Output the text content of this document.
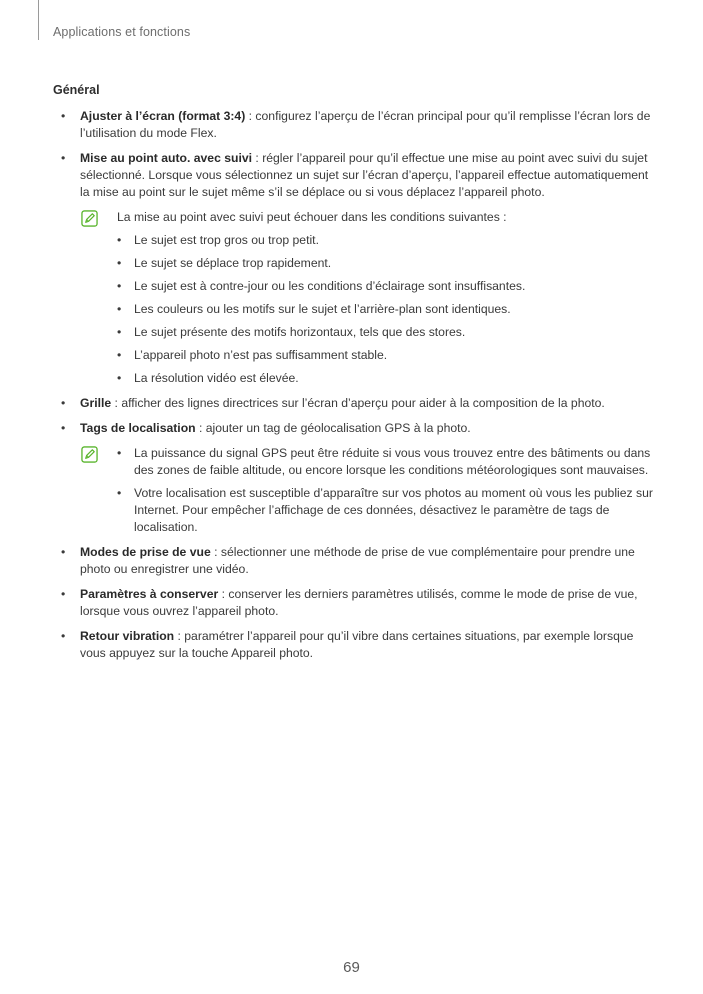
Applications et fonctions
Général
• Ajuster à l’écran (format 3:4) : configurez l’aperçu de l’écran principal pour qu’il remplisse l’écran lors de l’utilisation du mode Flex.
• Mise au point auto. avec suivi : régler l’appareil pour qu’il effectue une mise au point avec suivi du sujet sélectionné. Lorsque vous sélectionnez un sujet sur l’écran d’aperçu, l’appareil effectue automatiquement la mise au point sur le sujet même s’il se déplace ou si vous déplacez l’appareil photo.
La mise au point avec suivi peut échouer dans les conditions suivantes :
• Le sujet est trop gros ou trop petit.
• Le sujet se déplace trop rapidement.
• Le sujet est à contre-jour ou les conditions d’éclairage sont insuffisantes.
• Les couleurs ou les motifs sur le sujet et l’arrière-plan sont identiques.
• Le sujet présente des motifs horizontaux, tels que des stores.
• L’appareil photo n’est pas suffisamment stable.
• La résolution vidéo est élevée.
• Grille : afficher des lignes directrices sur l’écran d’aperçu pour aider à la composition de la photo.
• Tags de localisation : ajouter un tag de géolocalisation GPS à la photo.
• La puissance du signal GPS peut être réduite si vous vous trouvez entre des bâtiments ou dans des zones de faible altitude, ou encore lorsque les conditions météorologiques sont mauvaises.
• Votre localisation est susceptible d’apparaître sur vos photos au moment où vous les publiez sur Internet. Pour empêcher l’affichage de ces données, désactivez le paramètre de tags de localisation.
• Modes de prise de vue : sélectionner une méthode de prise de vue complémentaire pour prendre une photo ou enregistrer une vidéo.
• Paramètres à conserver : conserver les derniers paramètres utilisés, comme le mode de prise de vue, lorsque vous ouvrez l’appareil photo.
• Retour vibration : paramétrer l’appareil pour qu’il vibre dans certaines situations, par exemple lorsque vous appuyez sur la touche Appareil photo.
69
